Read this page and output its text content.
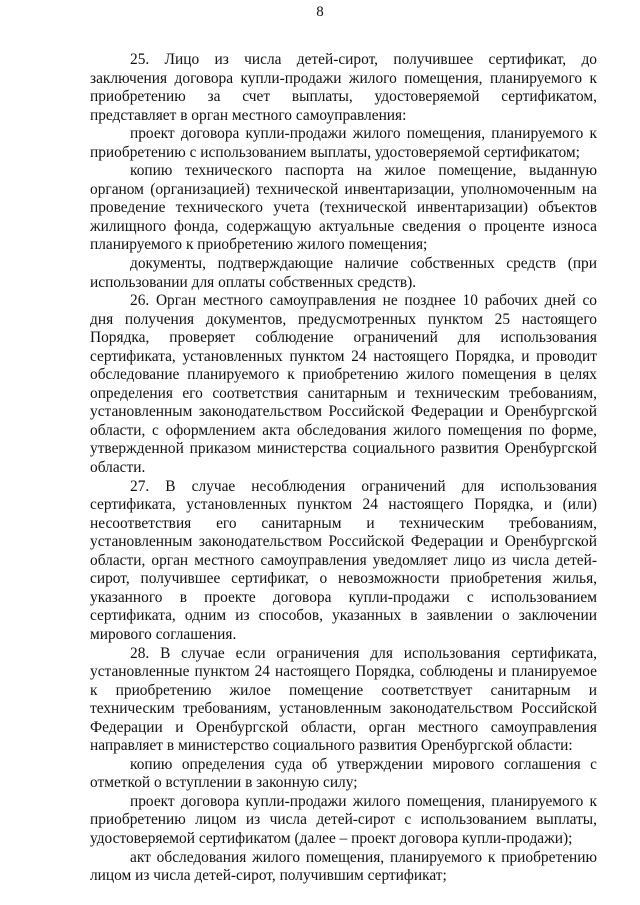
8

25. Лицо из числа детей-сирот, получившее сертификат, до заключения договора купли-продажи жилого помещения, планируемого к приобретению за счет выплаты, удостоверяемой сертификатом, представляет в орган местного самоуправления:

проект договора купли-продажи жилого помещения, планируемого к приобретению с использованием выплаты, удостоверяемой сертификатом;

копию технического паспорта на жилое помещение, выданную органом (организацией) технической инвентаризации, уполномоченным на проведение технического учета (технической инвентаризации) объектов жилищного фонда, содержащую актуальные сведения о проценте износа планируемого к приобретению жилого помещения;

документы, подтверждающие наличие собственных средств (при использовании для оплаты собственных средств).

26. Орган местного самоуправления не позднее 10 рабочих дней со дня получения документов, предусмотренных пунктом 25 настоящего Порядка, проверяет соблюдение ограничений для использования сертификата, установленных пунктом 24 настоящего Порядка, и проводит обследование планируемого к приобретению жилого помещения в целях определения его соответствия санитарным и техническим требованиям, установленным законодательством Российской Федерации и Оренбургской области, с оформлением акта обследования жилого помещения по форме, утвержденной приказом министерства социального развития Оренбургской области.

27. В случае несоблюдения ограничений для использования сертификата, установленных пунктом 24 настоящего Порядка, и (или) несоответствия его санитарным и техническим требованиям, установленным законодательством Российской Федерации и Оренбургской области, орган местного самоуправления уведомляет лицо из числа детей-сирот, получившее сертификат, о невозможности приобретения жилья, указанного в проекте договора купли-продажи с использованием сертификата, одним из способов, указанных в заявлении о заключении мирового соглашения.

28. В случае если ограничения для использования сертификата, установленные пунктом 24 настоящего Порядка, соблюдены и планируемое к приобретению жилое помещение соответствует санитарным и техническим требованиям, установленным законодательством Российской Федерации и Оренбургской области, орган местного самоуправления направляет в министерство социального развития Оренбургской области:

копию определения суда об утверждении мирового соглашения с отметкой о вступлении в законную силу;

проект договора купли-продажи жилого помещения, планируемого к приобретению лицом из числа детей-сирот с использованием выплаты, удостоверяемой сертификатом (далее – проект договора купли-продажи);

акт обследования жилого помещения, планируемого к приобретению лицом из числа детей-сирот, получившим сертификат;
